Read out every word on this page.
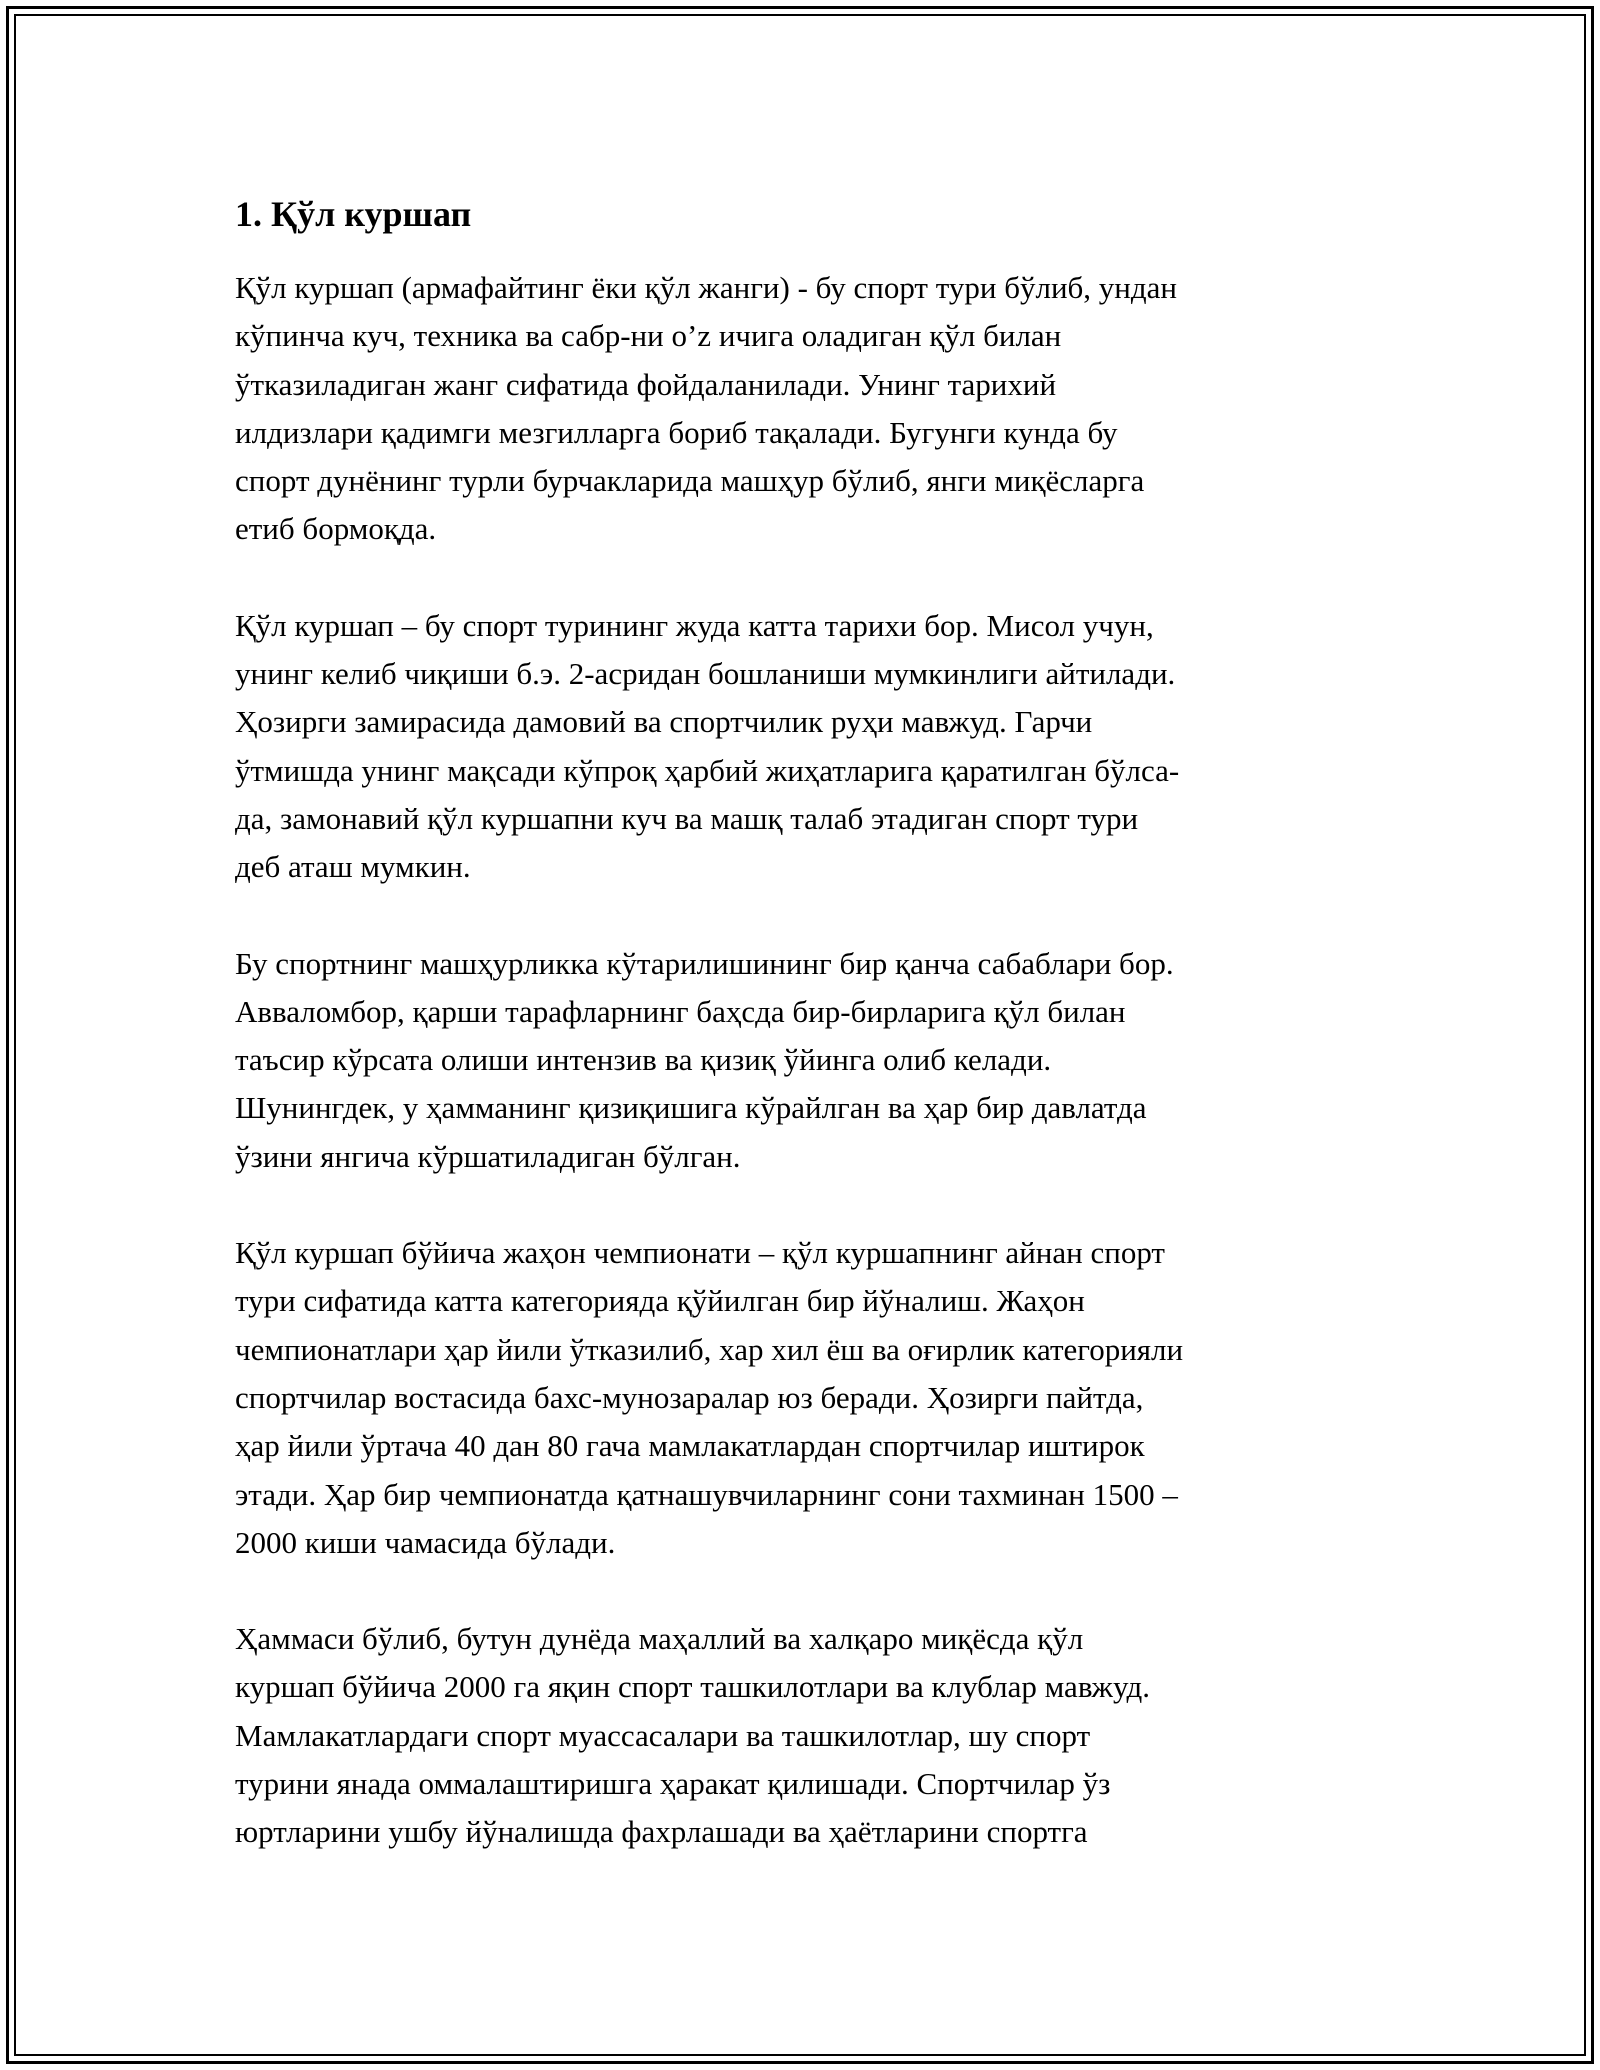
1. Қўл куршап

Қўл куршап (армафайтинг ёки қўл жанги) - бу спорт тури бўлиб, ундан
кўпинча куч, техника ва сабр-ни o’z ичига оладиган қўл билан
ўтказиладиган жанг сифатида фойдаланилади. Унинг тарихий
илдизлари қадимги мезгилларга бориб тақалади. Бугунги кунда бу
спорт дунёнинг турли бурчакларида машҳур бўлиб, янги миқёсларга
етиб бормоқда.

Қўл куршап – бу спорт турининг жуда катта тарихи бор. Мисол учун,
унинг келиб чиқиши б.э. 2-асридан бошланиши мумкинлиги айтилади.
Ҳозирги замирасида дамовий ва спортчилик руҳи мавжуд. Гарчи
ўтмишда унинг мақсади кўпроқ ҳарбий жиҳатларига қаратилган бўлса-
да, замонавий қўл куршапни куч ва машқ талаб этадиган спорт тури
деб аташ мумкин.

Бу спортнинг машҳурликка кўтарилишининг бир қанча сабаблари бор.
Авваломбор, қарши тарафларнинг баҳсда бир-бирларига қўл билан
таъсир кўрсата олиши интензив ва қизиқ ўйинга олиб келади.
Шунингдек, у ҳамманинг қизиқишига кўрайлган ва ҳар бир давлатда
ўзини янгича кўршатиладиган бўлган.

Қўл куршап бўйича жаҳон чемпионати – қўл куршапнинг айнан спорт
тури сифатида катта категорияда қўйилган бир йўналиш. Жаҳон
чемпионатлари ҳар йили ўтказилиб, хар хил ёш ва оғирлик категорияли
спортчилар востасида бахс-мунозаралар юз беради. Ҳозирги пайтда,
ҳар йили ўртача 40 дан 80 гача мамлакатлардан спортчилар иштирок
этади. Ҳар бир чемпионатда қатнашувчиларнинг сони тахминан 1500 –
2000 киши чамасида бўлади.

Ҳаммаси бўлиб, бутун дунёда маҳаллий ва халқаро миқёсда қўл
куршап бўйича 2000 га яқин спорт ташкилотлари ва клублар мавжуд.
Мамлакатлардаги спорт муассасалари ва ташкилотлар, шу спорт
турини янада оммалаштиришга ҳаракат қилишади. Спортчилар ўз
юртларини ушбу йўналишда фахрлашади ва ҳаётларини спортга
